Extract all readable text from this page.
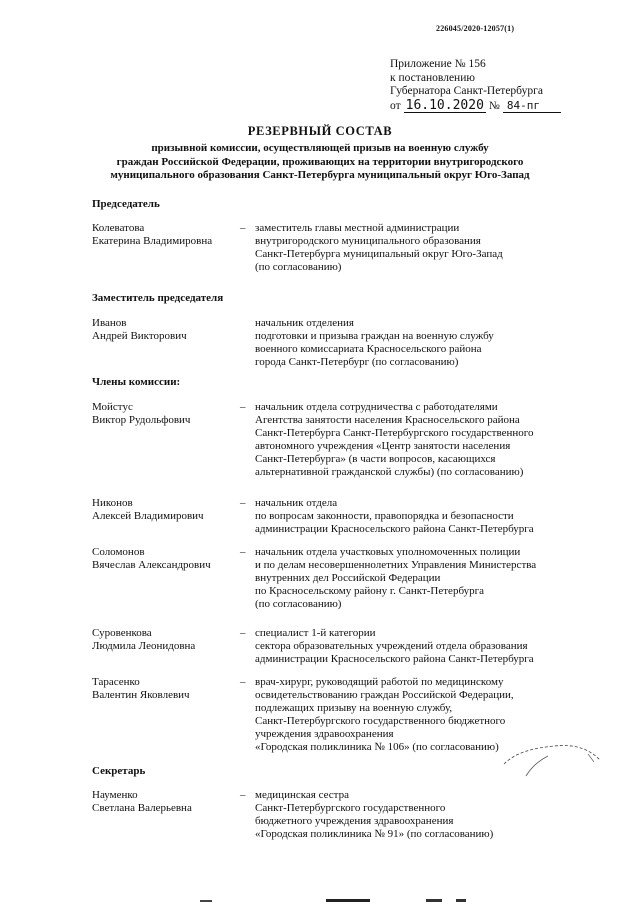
226045/2020-12057(1)
Приложение № 156
к постановлению
Губернатора Санкт-Петербурга
от 16.10.2020 № 84-пг
РЕЗЕРВНЫЙ СОСТАВ
призывной комиссии, осуществляющей призыв на военную службу
граждан Российской Федерации, проживающих на территории внутригородского
муниципального образования Санкт-Петербурга муниципальный округ Юго-Запад
Председатель
Колеватова
Екатерина Владимировна
– заместитель главы местной администрации
внутригородского муниципального образования
Санкт-Петербурга муниципальный округ Юго-Запад
(по согласованию)
Заместитель председателя
Иванов
Андрей Викторович
начальник отделения
подготовки и призыва граждан на военную службу
военного комиссариата Красносельского района
города Санкт-Петербург (по согласованию)
Члены комиссии:
Мойстус
Виктор Рудольфович
– начальник отдела сотрудничества с работодателями
Агентства занятости населения Красносельского района
Санкт-Петербурга Санкт-Петербургского государственного
автономного учреждения «Центр занятости населения
Санкт-Петербурга» (в части вопросов, касающихся
альтернативной гражданской службы) (по согласованию)
Никонов
Алексей Владимирович
– начальник отдела
по вопросам законности, правопорядка и безопасности
администрации Красносельского района Санкт-Петербурга
Соломонов
Вячеслав Александрович
– начальник отдела участковых уполномоченных полиции
и по делам несовершеннолетних Управления Министерства
внутренних дел Российской Федерации
по Красносельскому району г. Санкт-Петербурга
(по согласованию)
Суровенкова
Людмила Леонидовна
– специалист 1-й категории
сектора образовательных учреждений отдела образования
администрации Красносельского района Санкт-Петербурга
Тарасенко
Валентин Яковлевич
– врач-хирург, руководящий работой по медицинскому
освидетельствованию граждан Российской Федерации,
подлежащих призыву на военную службу,
Санкт-Петербургского государственного бюджетного
учреждения здравоохранения
«Городская поликлиника № 106» (по согласованию)
Секретарь
Науменко
Светлана Валерьевна
– медицинская сестра
Санкт-Петербургского государственного
бюджетного учреждения здравоохранения
«Городская поликлиника № 91» (по согласованию)
